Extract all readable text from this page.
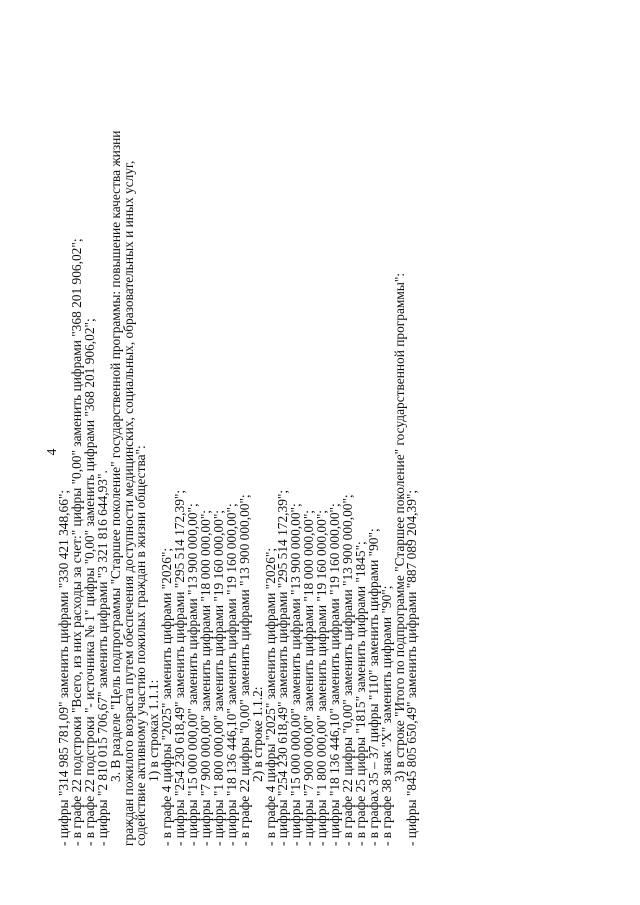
4
- цифры "314 985 781,09" заменить цифрами "330 421 348,66";
- в графе 22 подстроки "Всего, из них расходы за счет:" цифры "0,00" заменить цифрами "368 201 906,02";
- в графе 22 подстроки "- источника № 1" цифры "0,00" заменить цифрами "368 201 906,02";
- цифры "2 810 015 706,67" заменить цифрами "3 321 816 644,93".
3. В разделе "Цель подпрограммы "Старшее поколение" государственной программы: повышение качества жизни
граждан пожилого возраста путем обеспечения доступности медицинских, социальных, образовательных и иных услуг,
содействие активному участию пожилых граждан в жизни общества":
1) в строках 1.1.1:
- в графе 4 цифры "2025" заменить цифрами "2026";
- цифры "254 230 618,49" заменить цифрами "295 514 172,39";
- цифры "15 000 000,00" заменить цифрами "13 900 000,00";
- цифры "7 900 000,00" заменить цифрами "18 000 000,00";
- цифры "1 800 000,00" заменить цифрами "19 160 000,00";
- цифры "18 136 446,10" заменить цифрами "19 160 000,00";
- в графе 22 цифры "0,00" заменить цифрами "13 900 000,00";
2) в строке 1.1.2:
- в графе 4 цифры "2025" заменить цифрами "2026";
- цифры "254 230 618,49" заменить цифрами "295 514 172,39";
- цифры "15 000 000,00" заменить цифрами "13 900 000,00";
- цифры "7 900 000,00" заменить цифрами "18 000 000,00";
- цифры "1 800 000,00" заменить цифрами "19 160 000,00";
- цифры "18 136 446,10" заменить цифрами "19 160 000,00";
- в графе 22 цифры "0,00" заменить цифрами "13 900 000,00";
- в графе 25 цифры "1815" заменить цифрами "1845";
- в графах 35 – 37 цифры "110" заменить цифрами "90";
- в графе 38 знак "X" заменить цифрами "90";
3) в строке "Итого по подпрограмме "Старшее поколение" государственной программы":
- цифры "845 805 650,49" заменить цифрами "887 089 204,39";
